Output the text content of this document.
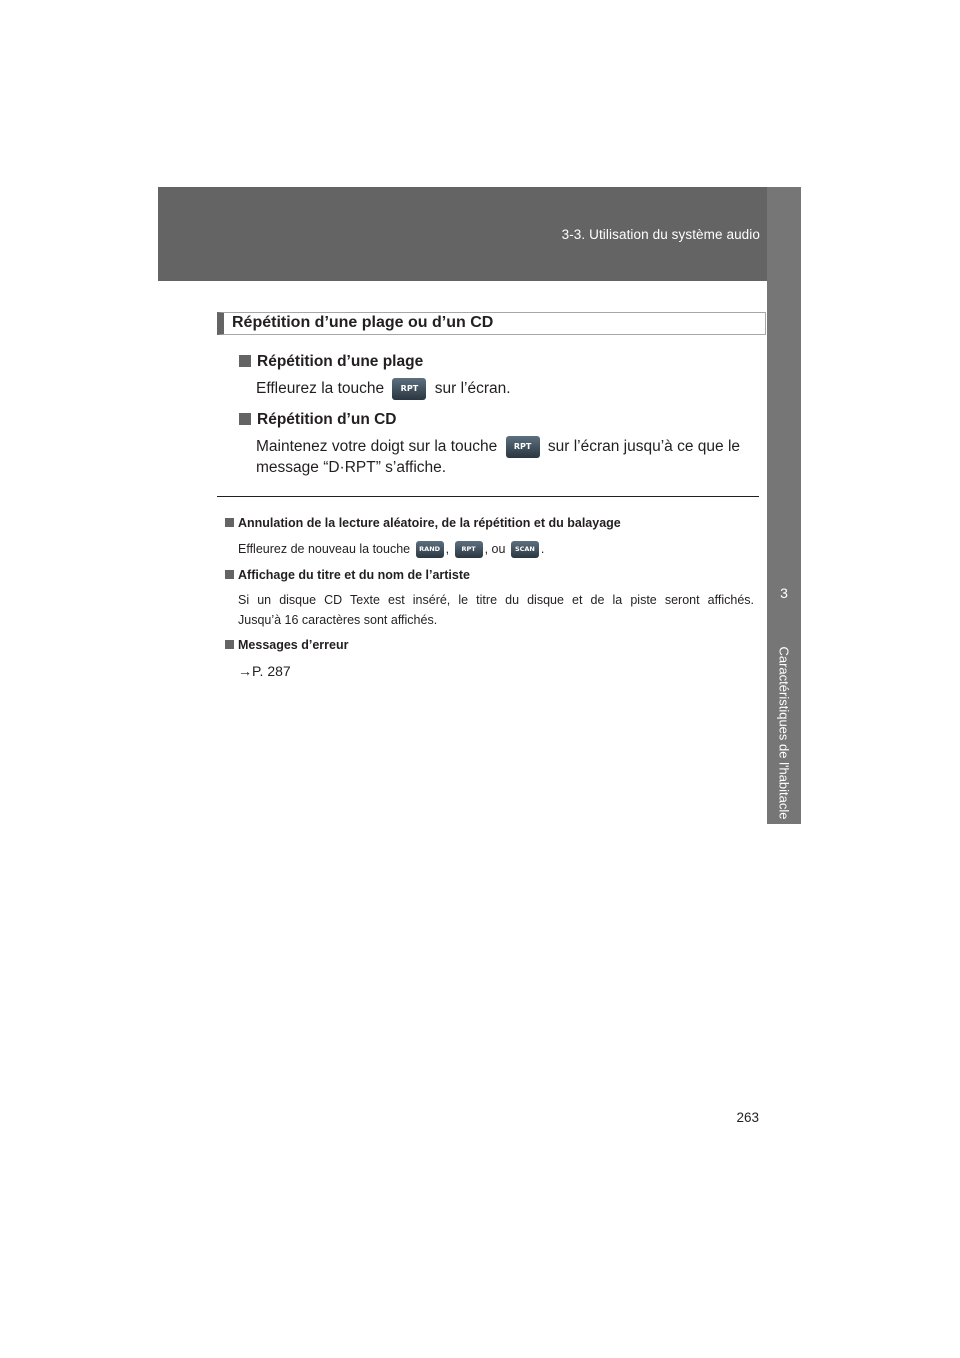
3-3. Utilisation du système audio
3
Caractéristiques de l'habitacle
Répétition d’une plage ou d’un CD
Répétition d’une plage
Effleurez la touche RPT sur l’écran.
Répétition d’un CD
Maintenez votre doigt sur la touche RPT sur l’écran jusqu’à ce que le
message “D·RPT” s’affiche.
Annulation de la lecture aléatoire, de la répétition et du balayage
Effleurez de nouveau la touche RAND , RPT , ou SCAN .
Affichage du titre et du nom de l’artiste
Si un disque CD Texte est inséré, le titre du disque et de la piste seront affichés.
Jusqu’à 16 caractères sont affichés.
Messages d’erreur
→P. 287
263
